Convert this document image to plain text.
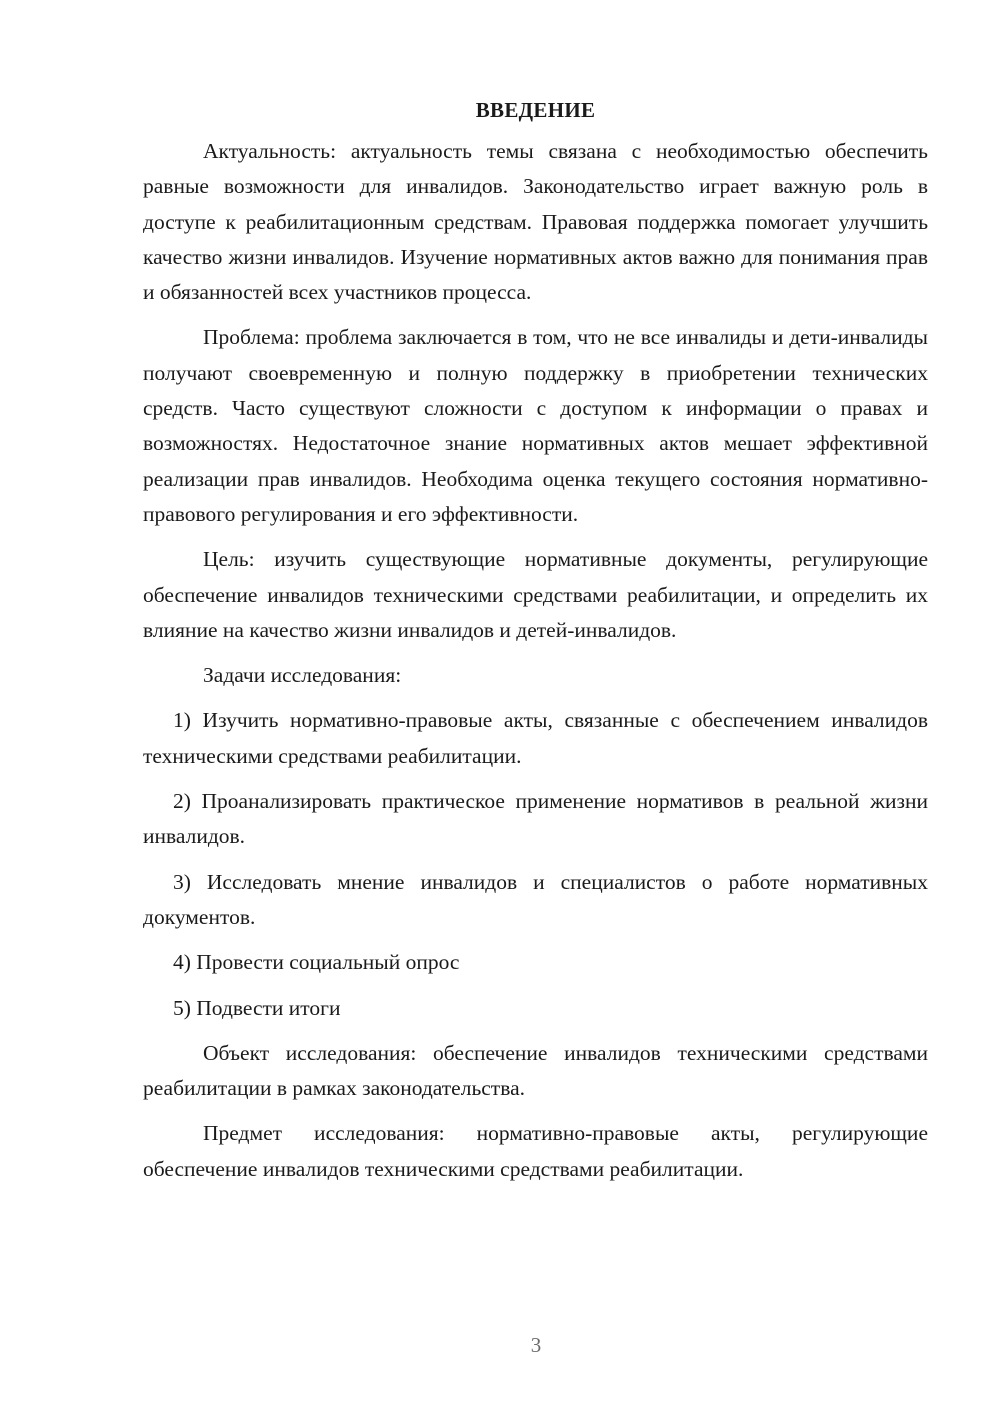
ВВЕДЕНИЕ

Актуальность: актуальность темы связана с необходимостью обеспечить равные возможности для инвалидов. Законодательство играет важную роль в доступе к реабилитационным средствам. Правовая поддержка помогает улучшить качество жизни инвалидов. Изучение нормативных актов важно для понимания прав и обязанностей всех участников процесса.

Проблема: проблема заключается в том, что не все инвалиды и дети-инвалиды получают своевременную и полную поддержку в приобретении технических средств. Часто существуют сложности с доступом к информации о правах и возможностях. Недостаточное знание нормативных актов мешает эффективной реализации прав инвалидов. Необходима оценка текущего состояния нормативно-правового регулирования и его эффективности.

Цель: изучить существующие нормативные документы, регулирующие обеспечение инвалидов техническими средствами реабилитации, и определить их влияние на качество жизни инвалидов и детей-инвалидов.

Задачи исследования:

1) Изучить нормативно-правовые акты, связанные с обеспечением инвалидов техническими средствами реабилитации.

2) Проанализировать практическое применение нормативов в реальной жизни инвалидов.

3) Исследовать мнение инвалидов и специалистов о работе нормативных документов.

4) Провести социальный опрос

5) Подвести итоги

Объект исследования: обеспечение инвалидов техническими средствами реабилитации в рамках законодательства.

Предмет исследования: нормативно-правовые акты, регулирующие обеспечение инвалидов техническими средствами реабилитации.

3
